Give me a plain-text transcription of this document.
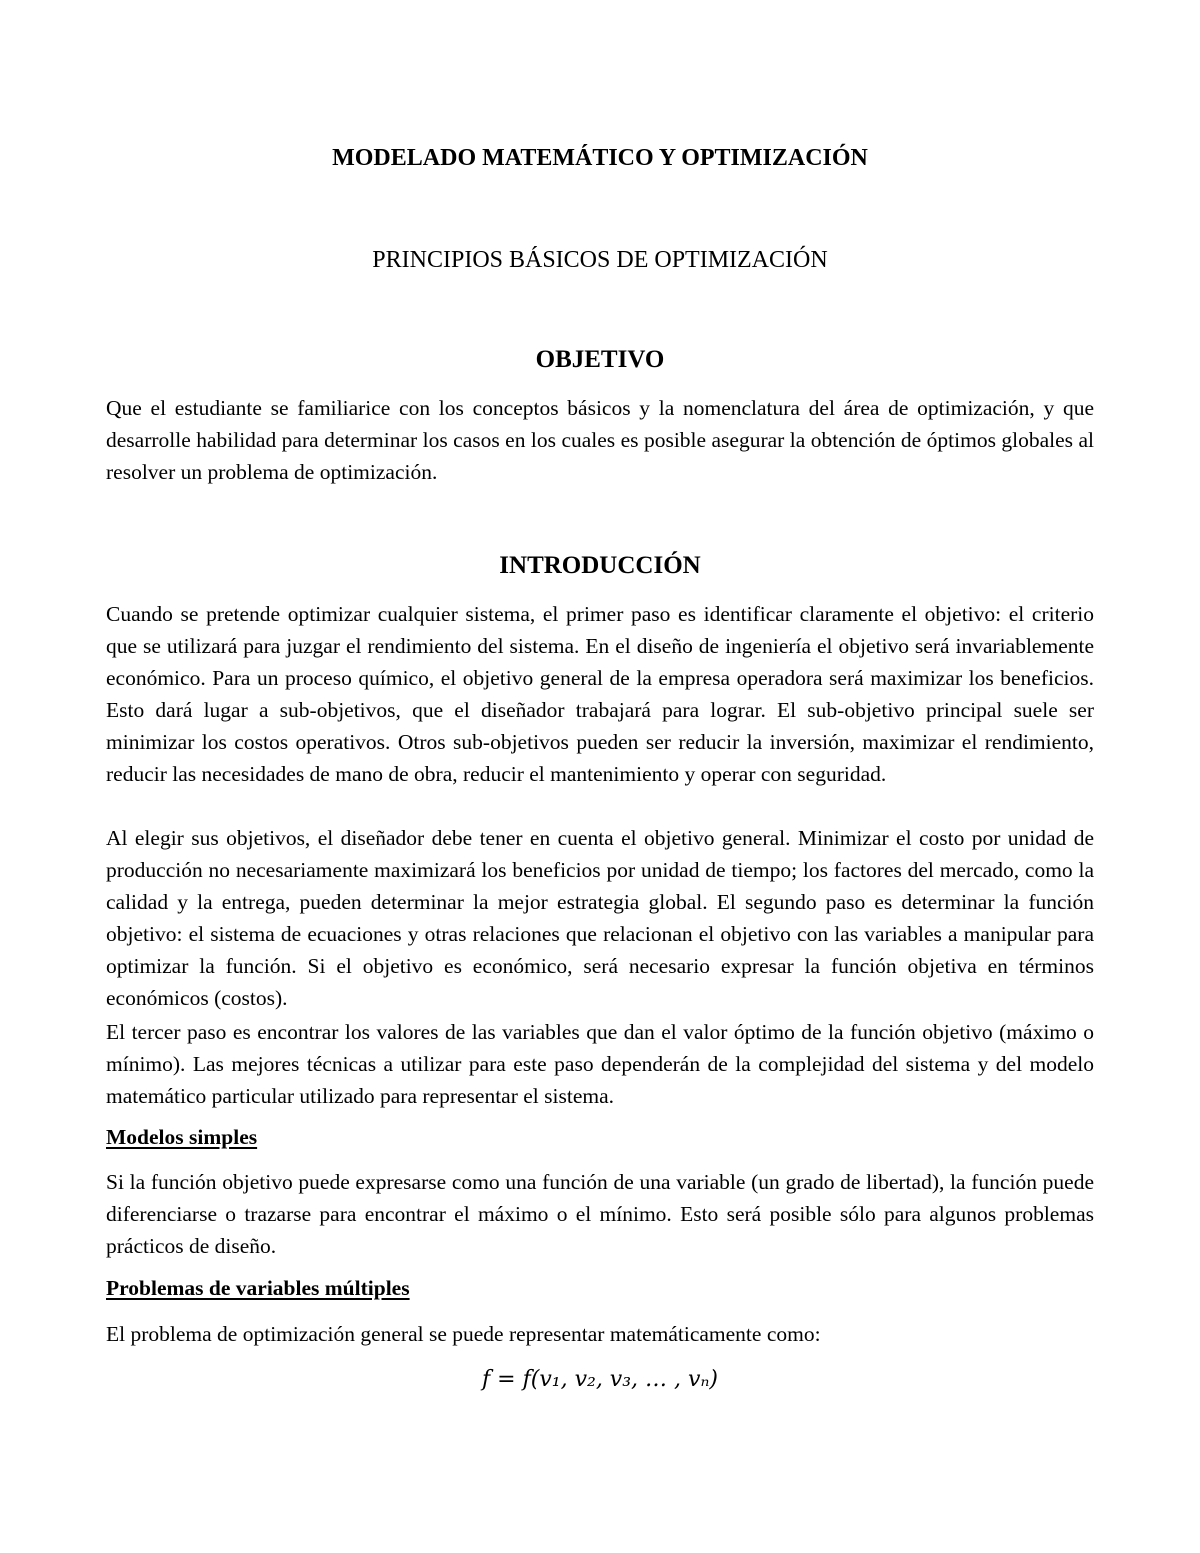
MODELADO MATEMÁTICO Y OPTIMIZACIÓN
PRINCIPIOS BÁSICOS DE OPTIMIZACIÓN
OBJETIVO

Que el estudiante se familiarice con los conceptos básicos y la nomenclatura del área de optimización, y que desarrolle habilidad para determinar los casos en los cuales es posible asegurar la obtención de óptimos globales al resolver un problema de optimización.

INTRODUCCIÓN

Cuando se pretende optimizar cualquier sistema, el primer paso es identificar claramente el objetivo: el criterio que se utilizará para juzgar el rendimiento del sistema. En el diseño de ingeniería el objetivo será invariablemente económico. Para un proceso químico, el objetivo general de la empresa operadora será maximizar los beneficios. Esto dará lugar a sub-objetivos, que el diseñador trabajará para lograr. El sub-objetivo principal suele ser minimizar los costos operativos. Otros sub-objetivos pueden ser reducir la inversión, maximizar el rendimiento, reducir las necesidades de mano de obra, reducir el mantenimiento y operar con seguridad.

Al elegir sus objetivos, el diseñador debe tener en cuenta el objetivo general. Minimizar el costo por unidad de producción no necesariamente maximizará los beneficios por unidad de tiempo; los factores del mercado, como la calidad y la entrega, pueden determinar la mejor estrategia global. El segundo paso es determinar la función objetivo: el sistema de ecuaciones y otras relaciones que relacionan el objetivo con las variables a manipular para optimizar la función. Si el objetivo es económico, será necesario expresar la función objetiva en términos económicos (costos).

El tercer paso es encontrar los valores de las variables que dan el valor óptimo de la función objetivo (máximo o mínimo). Las mejores técnicas a utilizar para este paso dependerán de la complejidad del sistema y del modelo matemático particular utilizado para representar el sistema.

Modelos simples

Si la función objetivo puede expresarse como una función de una variable (un grado de libertad), la función puede diferenciarse o trazarse para encontrar el máximo o el mínimo. Esto será posible sólo para algunos problemas prácticos de diseño.

Problemas de variables múltiples

El problema de optimización general se puede representar matemáticamente como:

f = f(v₁, v₂, v₃, … , vₙ)
